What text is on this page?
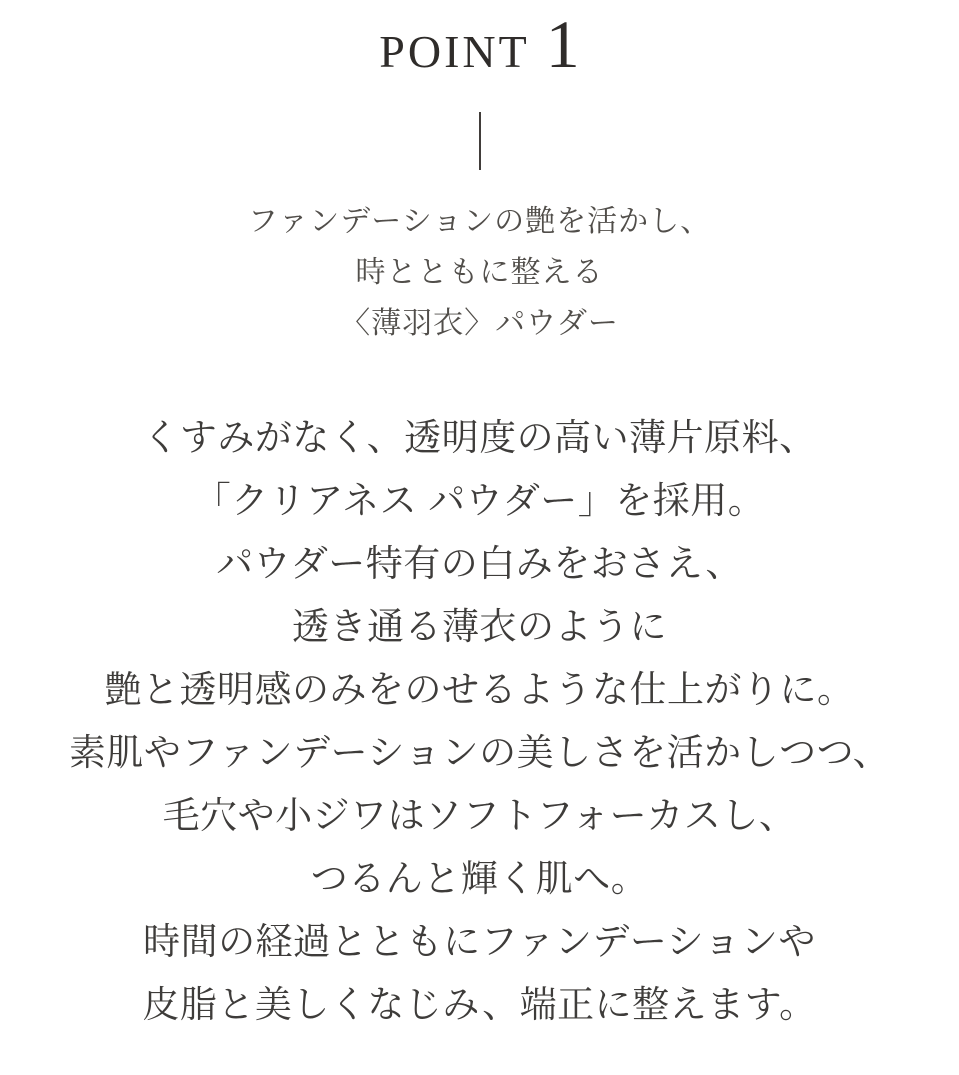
POINT 1

ファンデーションの艶を活かし、

時とともに整える

〈薄羽衣〉パウダー

くすみがなく、透明度の高い薄片原料、

「クリアネス パウダー」を採用。

パウダー特有の白みをおさえ、

透き通る薄衣のように

艶と透明感のみをのせるような仕上がりに。

素肌やファンデーションの美しさを活かしつつ、

毛穴や小ジワはソフトフォーカスし、

つるんと輝く肌へ。

時間の経過とともにファンデーションや

皮脂と美しくなじみ、端正に整えます。
